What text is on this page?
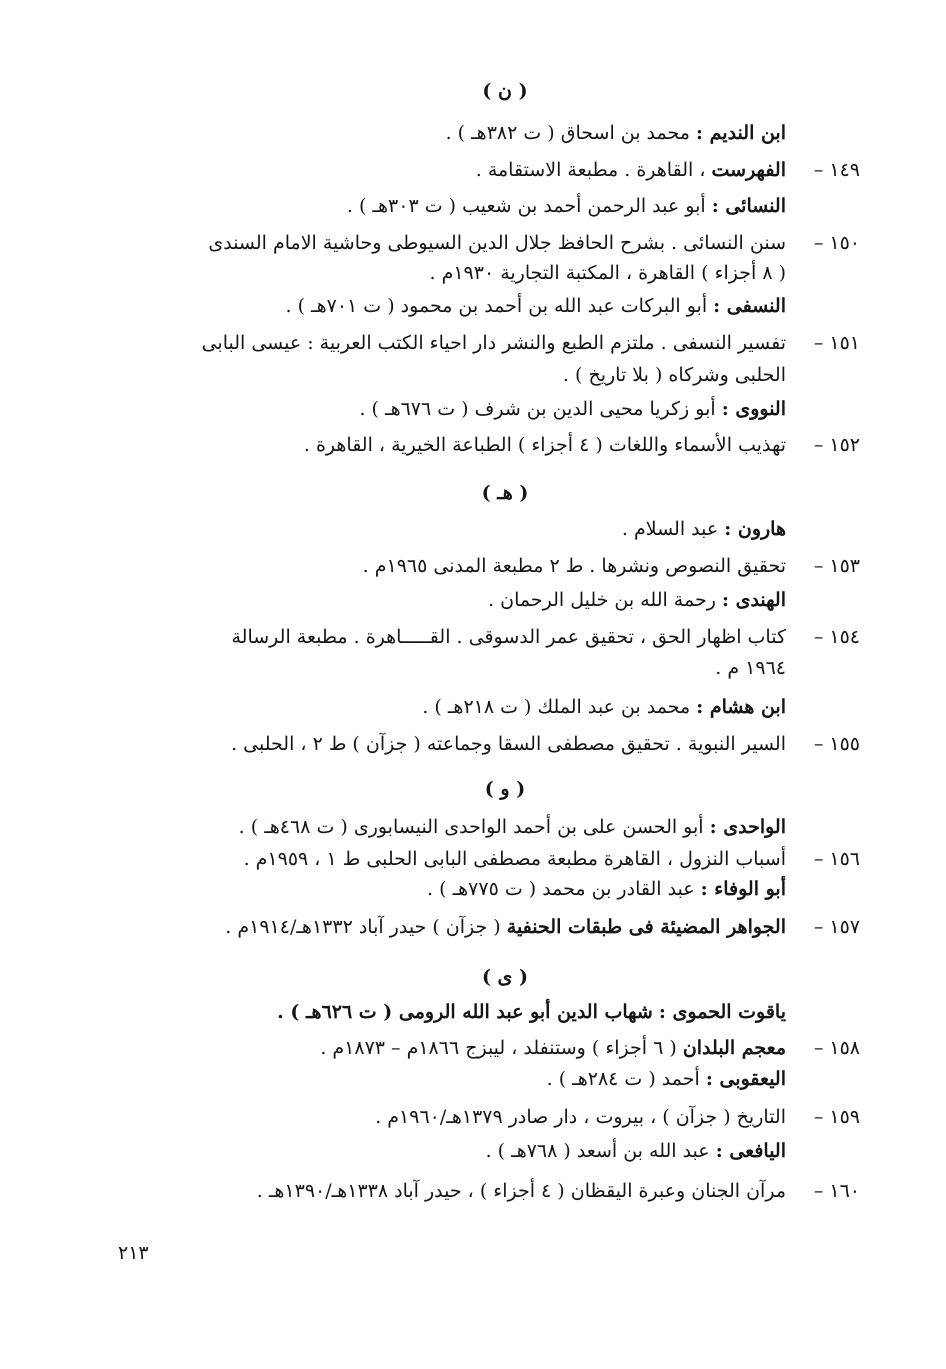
( ن )
ابن النديم : محمد بن اسحاق ( ت ٣٨٢هـ ) .
١٤٩ –
الفهرست ، القاهرة . مطبعة الاستقامة .
النسائى : أبو عبد الرحمن أحمد بن شعيب ( ت ٣٠٣هـ ) .
١٥٠ –
سنن النسائى . بشرح الحافظ جلال الدين السيوطى وحاشية الامام السندى
( ٨ أجزاء ) القاهرة ، المكتبة التجارية ١٩٣٠م .
النسفى : أبو البركات عبد الله بن أحمد بن محمود ( ت ٧٠١هـ ) .
١٥١ –
تفسير النسفى . ملتزم الطبع والنشر دار احياء الكتب العربية : عيسى البابى
الحلبى وشركاه ( بلا تاريخ ) .
النووى : أبو زكريا محيى الدين بن شرف ( ت ٦٧٦هـ ) .
١٥٢ –
تهذيب الأسماء واللغات ( ٤ أجزاء ) الطباعة الخيرية ، القاهرة .
( هـ )
هارون : عبد السلام .
١٥٣ –
تحقيق النصوص ونشرها . ط ٢ مطبعة المدنى ١٩٦٥م .
الهندى : رحمة الله بن خليل الرحمان .
١٥٤ –
كتاب اظهار الحق ، تحقيق عمر الدسوقى . القـــــاهرة . مطبعة الرسالة
١٩٦٤ م .
ابن هشام : محمد بن عبد الملك ( ت ٢١٨هـ ) .
١٥٥ –
السير النبوية . تحقيق مصطفى السقا وجماعته ( جزآن ) ط ٢ ، الحلبى .
( و )
الواحدى : أبو الحسن على بن أحمد الواحدى النيسابورى ( ت ٤٦٨هـ ) .
١٥٦ –
أسباب النزول ، القاهرة مطبعة مصطفى البابى الحلبى ط ١ ، ١٩٥٩م .
أبو الوفاء : عبد القادر بن محمد ( ت ٧٧٥هـ ) .
١٥٧ –
الجواهر المضيئة فى طبقات الحنفية ( جزآن ) حيدر آباد ١٣٣٢هـ/١٩١٤م .
( ى )
ياقوت الحموى : شهاب الدين أبو عبد الله الرومى ( ت ٦٢٦هـ ) .
١٥٨ –
معجم البلدان ( ٦ أجزاء ) وستنفلد ، ليبزج ١٨٦٦م – ١٨٧٣م .
اليعقوبى : أحمد ( ت ٢٨٤هـ ) .
١٥٩ –
التاريخ ( جزآن ) ، بيروت ، دار صادر ١٣٧٩هـ/١٩٦٠م .
اليافعى : عبد الله بن أسعد ( ٧٦٨هـ ) .
١٦٠ –
مرآن الجنان وعبرة اليقظان ( ٤ أجزاء ) ، حيدر آباد ١٣٣٨هـ/١٣٩٠هـ .
٢١٣
